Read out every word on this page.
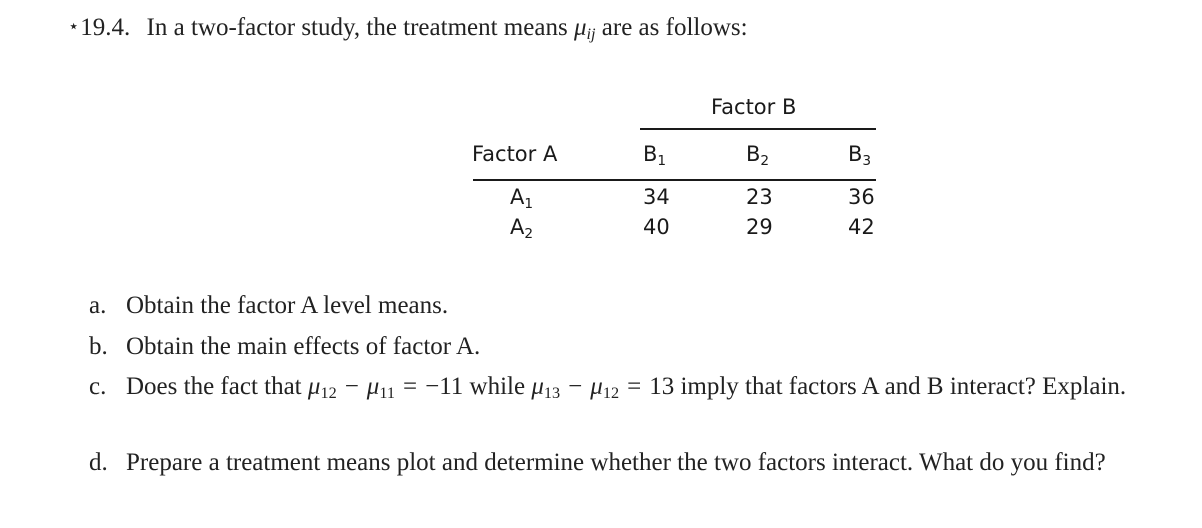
⋆19.4. In a two-factor study, the treatment means $\mu_{ij}$ are as follows:
Factor B
Factor A	B1	B2	B3
A1	34	23	36
A2	40	29	42
a. Obtain the factor A level means.
b. Obtain the main effects of factor A.
c. Does the fact that μ12 − μ11 = −11 while μ13 − μ12 = 13 imply that factors A and B interact? Explain.
d. Prepare a treatment means plot and determine whether the two factors interact. What do you find?
